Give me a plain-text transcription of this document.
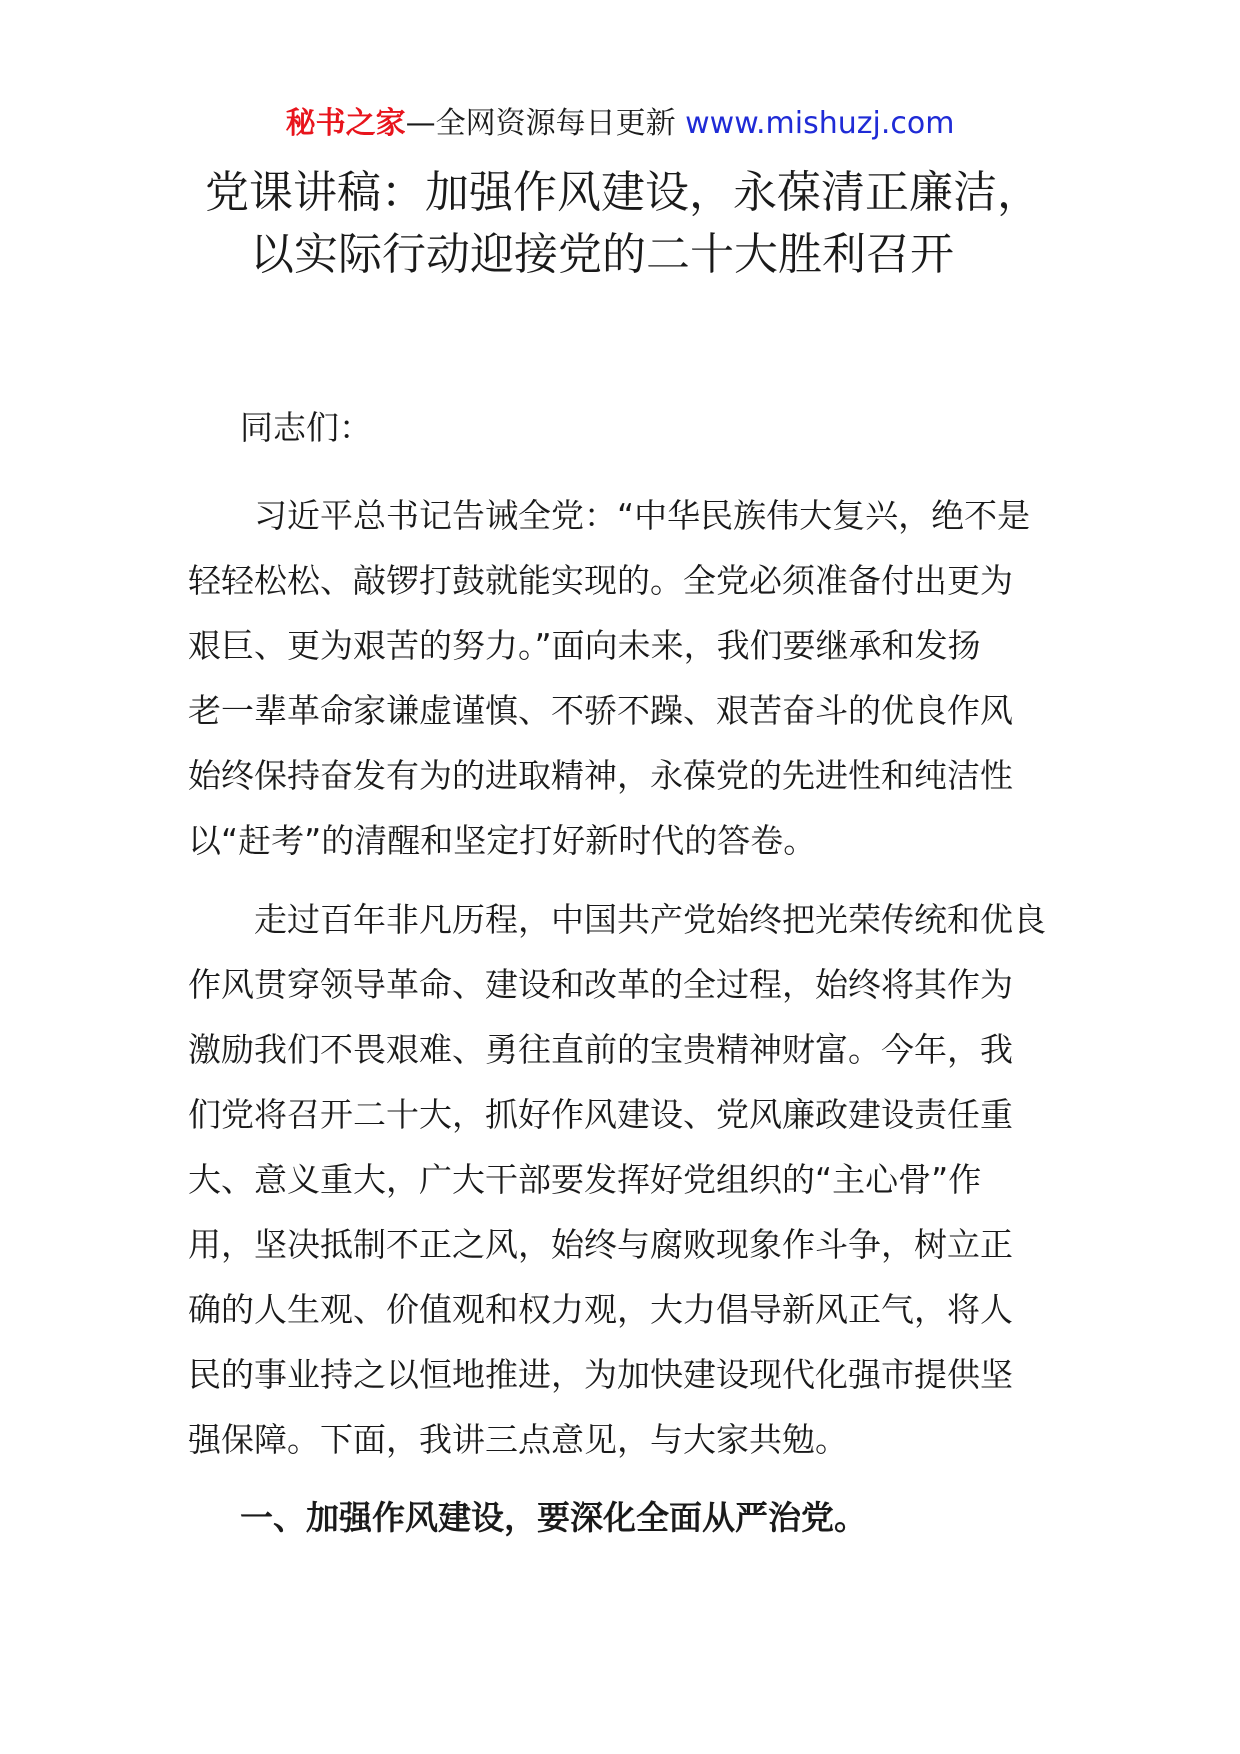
秘书之家—全网资源每日更新 www.mishuzj.com
党课讲稿：加强作风建设，永葆清正廉洁，
以实际行动迎接党的二十大胜利召开
同志们：
　　习近平总书记告诫全党：“中华民族伟大复兴，绝不是
轻轻松松、敲锣打鼓就能实现的。全党必须准备付出更为
艰巨、更为艰苦的努力。”面向未来，我们要继承和发扬
老一辈革命家谦虚谨慎、不骄不躁、艰苦奋斗的优良作风
始终保持奋发有为的进取精神，永葆党的先进性和纯洁性
以“赶考”的清醒和坚定打好新时代的答卷。
　　走过百年非凡历程，中国共产党始终把光荣传统和优良
作风贯穿领导革命、建设和改革的全过程，始终将其作为
激励我们不畏艰难、勇往直前的宝贵精神财富。今年，我
们党将召开二十大，抓好作风建设、党风廉政建设责任重
大、意义重大，广大干部要发挥好党组织的“主心骨”作
用，坚决抵制不正之风，始终与腐败现象作斗争，树立正
确的人生观、价值观和权力观，大力倡导新风正气，将人
民的事业持之以恒地推进，为加快建设现代化强市提供坚
强保障。下面，我讲三点意见，与大家共勉。
一、加强作风建设，要深化全面从严治党。
